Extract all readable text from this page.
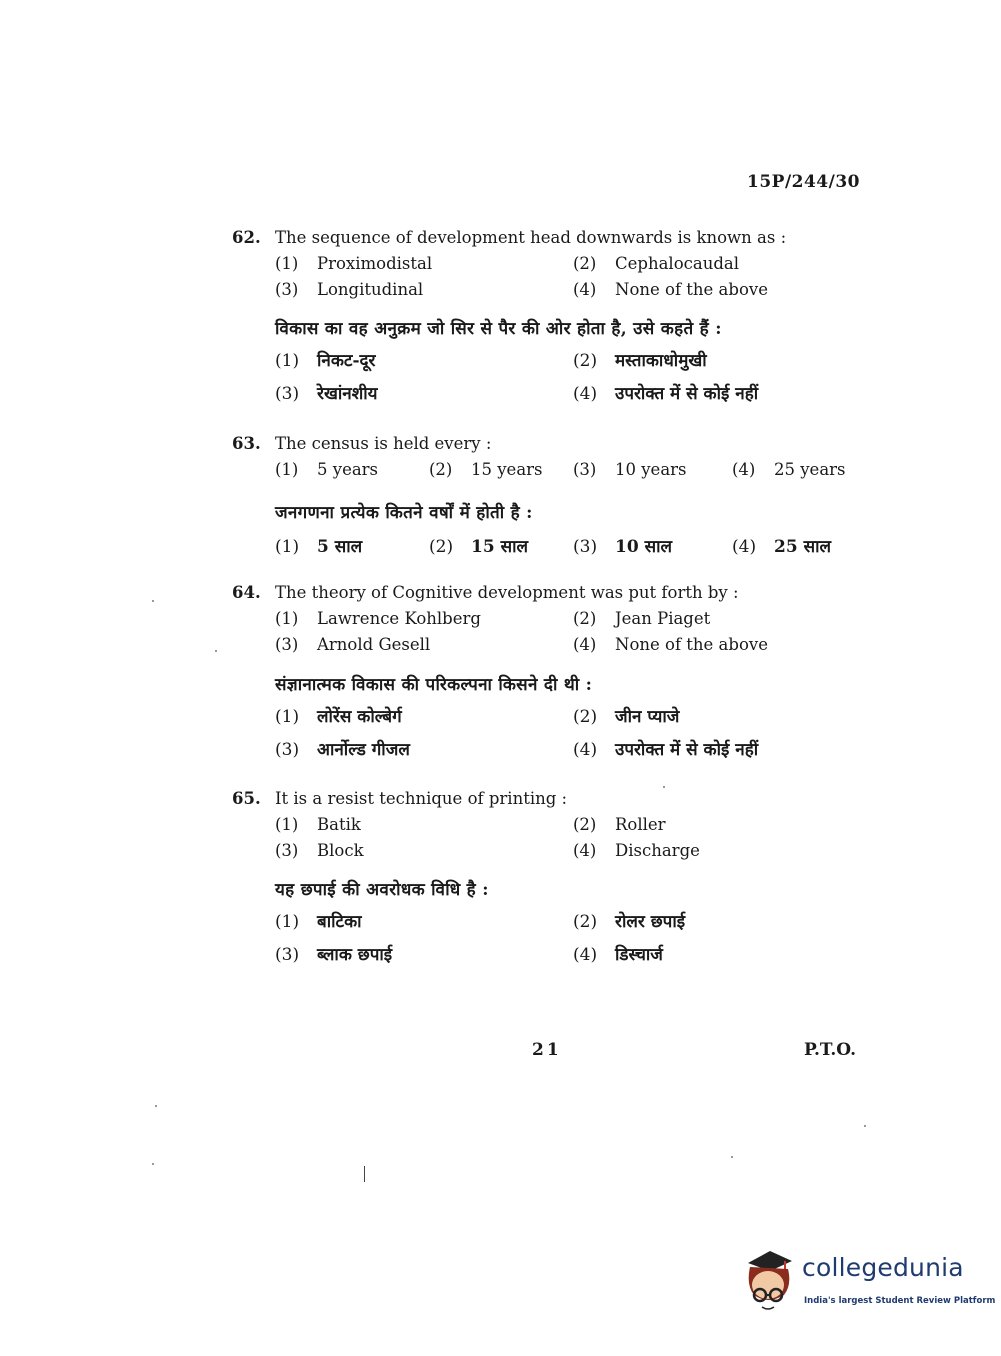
15P/244/30
62. The sequence of development head downwards is known as :
(1) Proximodistal	(2) Cephalocaudal
(3) Longitudinal	(4) None of the above
विकास का वह अनुक्रम जो सिर से पैर की ओर होता है, उसे कहते हैं :
(1) निकट-दूर	(2) मस्ताकाधोमुखी
(3) रेखांनशीय	(4) उपरोक्त में से कोई नहीं
63. The census is held every :
(1) 5 years	(2) 15 years (3) 10 years	(4) 25 years
जनगणना प्रत्येक कितने वर्षों में होती है :
(1) 5 साल	(2) 15 साल	(3) 10 साल	(4) 25 साल
64. The theory of Cognitive development was put forth by :
(1) Lawrence Kohlberg	(2) Jean Piaget
(3) Arnold Gesell	(4) None of the above
संज्ञानात्मक विकास की परिकल्पना किसने दी थी :
(1) लोरेंस कोल्बेर्ग	(2) जीन प्याजे
(3) आर्नोल्ड गीजल	(4) उपरोक्त में से कोई नहीं
65. It is a resist technique of printing :
(1) Batik	(2) Roller
(3) Block	(4) Discharge
यह छपाई की अवरोधक विधि है :
(1) बाटिका	(2) रोलर छपाई
(3) ब्लाक छपाई	(4) डिस्चार्ज
21	P.T.O.
collegedunia
India's largest Student Review Platform
